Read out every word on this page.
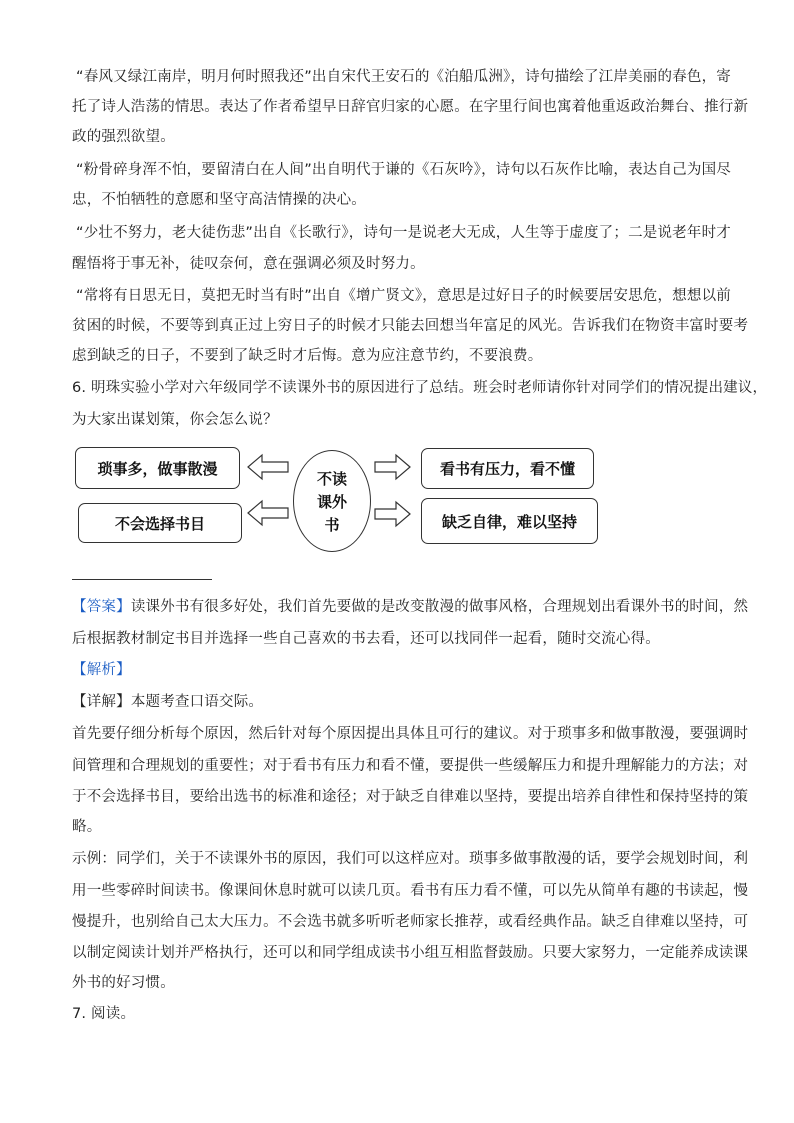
“春风又绿江南岸，明月何时照我还”出自宋代王安石的《泊船瓜洲》，诗句描绘了江岸美丽的春色，寄
托了诗人浩荡的情思。表达了作者希望早日辞官归家的心愿。在字里行间也寓着他重返政治舞台、推行新
政的强烈欲望。
“粉骨碎身浑不怕，要留清白在人间”出自明代于谦的《石灰吟》，诗句以石灰作比喻，表达自己为国尽
忠，不怕牺牲的意愿和坚守高洁情操的决心。
“少壮不努力，老大徒伤悲”出自《长歌行》，诗句一是说老大无成，人生等于虚度了；二是说老年时才
醒悟将于事无补，徒叹奈何，意在强调必须及时努力。
“常将有日思无日，莫把无时当有时”出自《增广贤文》，意思是过好日子的时候要居安思危，想想以前
贫困的时候，不要等到真正过上穷日子的时候才只能去回想当年富足的风光。告诉我们在物资丰富时要考
虑到缺乏的日子，不要到了缺乏时才后悔。意为应注意节约，不要浪费。
6. 明珠实验小学对六年级同学不读课外书的原因进行了总结。班会时老师请你针对同学们的情况提出建议，
为大家出谋划策，你会怎么说？
琐事多，做事散漫
不会选择书目
看书有压力，看不懂
缺乏自律，难以坚持
不读
课外
书
【答案】读课外书有很多好处，我们首先要做的是改变散漫的做事风格，合理规划出看课外书的时间，然
后根据教材制定书目并选择一些自己喜欢的书去看，还可以找同伴一起看，随时交流心得。
【解析】
【详解】本题考查口语交际。
首先要仔细分析每个原因，然后针对每个原因提出具体且可行的建议。对于琐事多和做事散漫，要强调时
间管理和合理规划的重要性；对于看书有压力和看不懂，要提供一些缓解压力和提升理解能力的方法；对
于不会选择书目，要给出选书的标准和途径；对于缺乏自律难以坚持，要提出培养自律性和保持坚持的策
略。
示例：同学们，关于不读课外书的原因，我们可以这样应对。琐事多做事散漫的话，要学会规划时间，利
用一些零碎时间读书。像课间休息时就可以读几页。看书有压力看不懂，可以先从简单有趣的书读起，慢
慢提升，也别给自己太大压力。不会选书就多听听老师家长推荐，或看经典作品。缺乏自律难以坚持，可
以制定阅读计划并严格执行，还可以和同学组成读书小组互相监督鼓励。只要大家努力，一定能养成读课
外书的好习惯。
7. 阅读。
